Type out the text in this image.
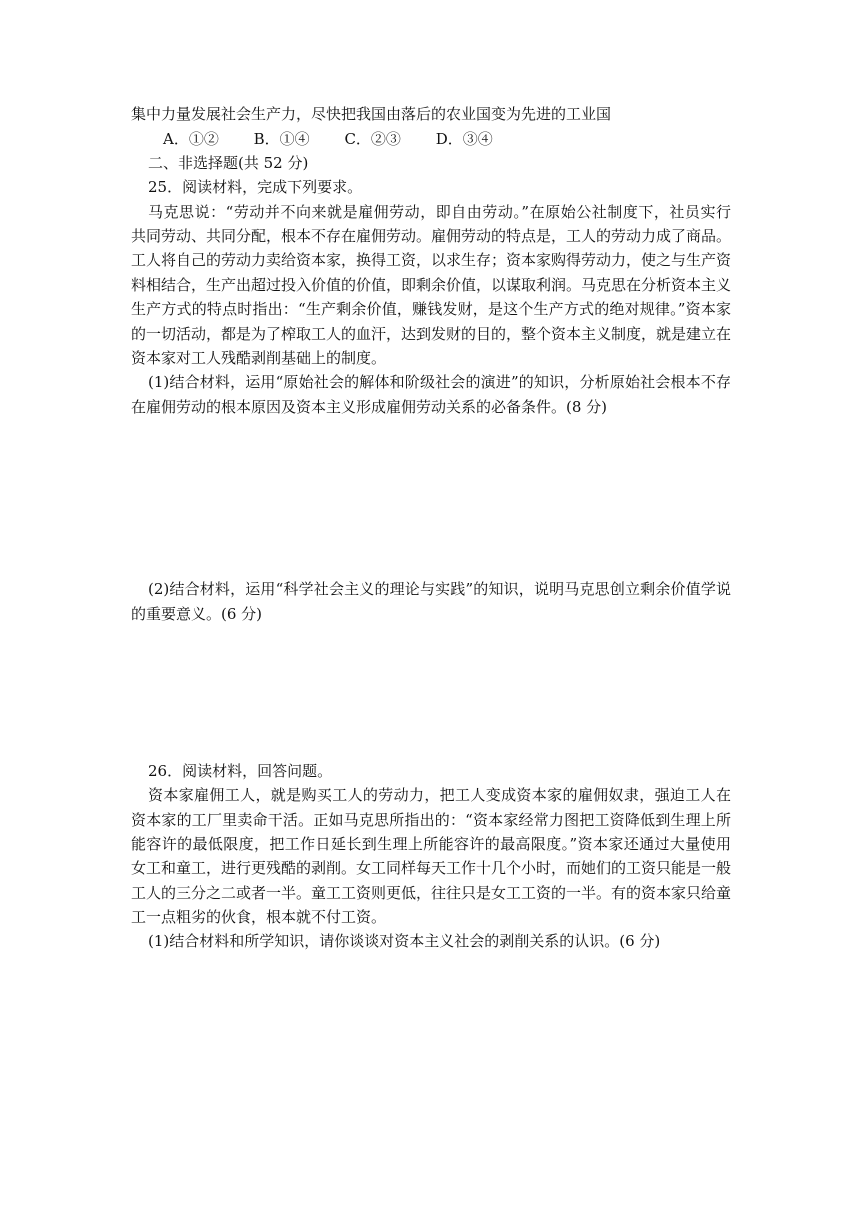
集中力量发展社会生产力，尽快把我国由落后的农业国变为先进的工业国
A．①② B．①④ C．②③ D．③④
二、非选择题(共 52 分)
25．阅读材料，完成下列要求。
马克思说：“劳动并不向来就是雇佣劳动，即自由劳动。”在原始公社制度下，社员实行
共同劳动、共同分配，根本不存在雇佣劳动。雇佣劳动的特点是，工人的劳动力成了商品。
工人将自己的劳动力卖给资本家，换得工资，以求生存；资本家购得劳动力，使之与生产资
料相结合，生产出超过投入价值的价值，即剩余价值，以谋取利润。马克思在分析资本主义
生产方式的特点时指出：“生产剩余价值，赚钱发财，是这个生产方式的绝对规律。”资本家
的一切活动，都是为了榨取工人的血汗，达到发财的目的，整个资本主义制度，就是建立在
资本家对工人残酷剥削基础上的制度。
(1)结合材料，运用“原始社会的解体和阶级社会的演进”的知识，分析原始社会根本不存
在雇佣劳动的根本原因及资本主义形成雇佣劳动关系的必备条件。(8 分)
(2)结合材料，运用“科学社会主义的理论与实践”的知识，说明马克思创立剩余价值学说
的重要意义。(6 分)
26．阅读材料，回答问题。
资本家雇佣工人，就是购买工人的劳动力，把工人变成资本家的雇佣奴隶，强迫工人在
资本家的工厂里卖命干活。正如马克思所指出的：“资本家经常力图把工资降低到生理上所
能容许的最低限度，把工作日延长到生理上所能容许的最高限度。”资本家还通过大量使用
女工和童工，进行更残酷的剥削。女工同样每天工作十几个小时，而她们的工资只能是一般
工人的三分之二或者一半。童工工资则更低，往往只是女工工资的一半。有的资本家只给童
工一点粗劣的伙食，根本就不付工资。
(1)结合材料和所学知识，请你谈谈对资本主义社会的剥削关系的认识。(6 分)
